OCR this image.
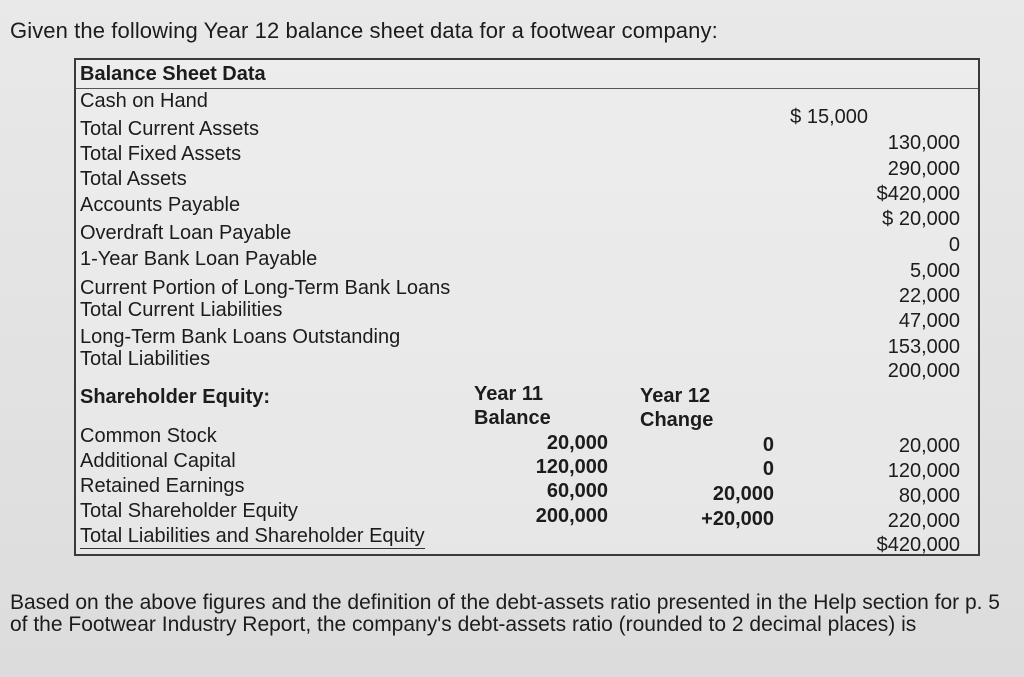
Given the following Year 12 balance sheet data for a footwear company:
Balance Sheet Data
Cash on Hand
Total Current Assets
Total Fixed Assets
Total Assets
Accounts Payable
Overdraft Loan Payable
1-Year Bank Loan Payable
Current Portion of Long-Term Bank Loans
Total Current Liabilities
Long-Term Bank Loans Outstanding
Total Liabilities
$ 15,000
130,000
290,000
$420,000
$ 20,000
0
5,000
22,000
47,000
153,000
200,000
Shareholder Equity:	Year 11
Balance
Year 12
Change
Common Stock
Additional Capital
Retained Earnings
Total Shareholder Equity
Total Liabilities and Shareholder Equity
20,000
120,000
60,000
200,000
0
0
20,000
+20,000
20,000
120,000
80,000
220,000
$420,000
Based on the above figures and the definition of the debt-assets ratio presented in the Help section for p. 5 of the Footwear Industry Report, the company's debt-assets ratio (rounded to 2 decimal places) is
